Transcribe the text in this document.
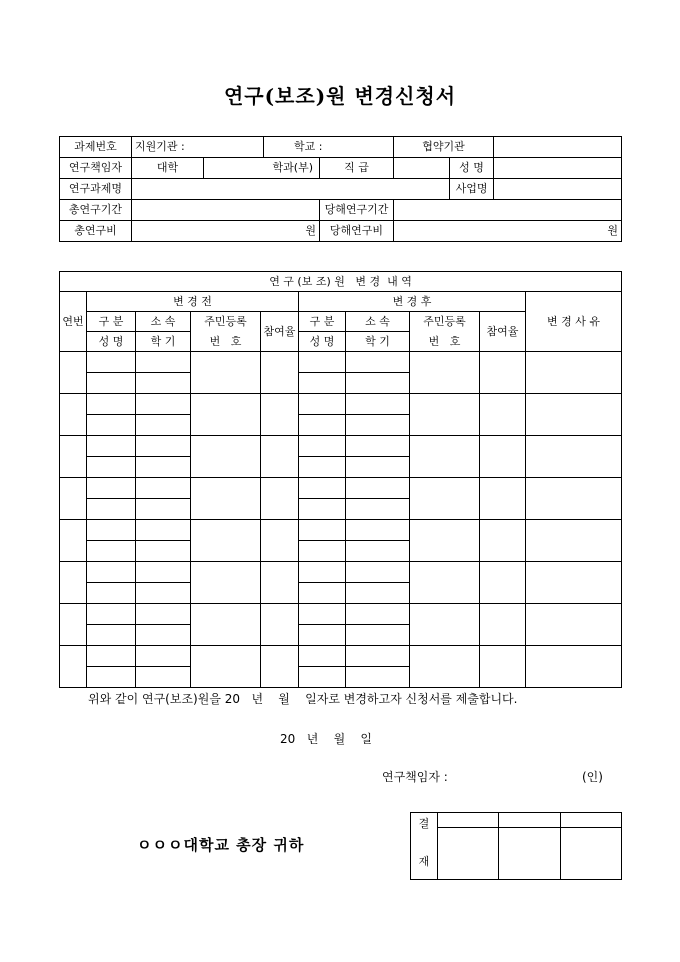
연구(보조)원 변경신청서
과제번호	지원기관 :		학교 :		협약기관		
연구책임자	대학	학과(부)		직 급		성 명	
연구과제명						사업명	
총연구기간				당해연구기간			
총연구비	원			당해연구비	원		
연 구 (보 조) 원   변 경  내 역									
연번	변 경 전				변 경 후				변 경 사 유
	구 분	소 속	주민등록	참여율	구 분	소 속	주민등록	참여율	
	성 명	학 기	번   호		성 명	학 기	번   호		

위와 같이 연구(보조)원을 20   년    월    일자로 변경하고자 신청서를 제출합니다.
20   년    월    일
연구책임자 :	(인)
ㅇㅇㅇ대학교 총장 귀하
결
재			
